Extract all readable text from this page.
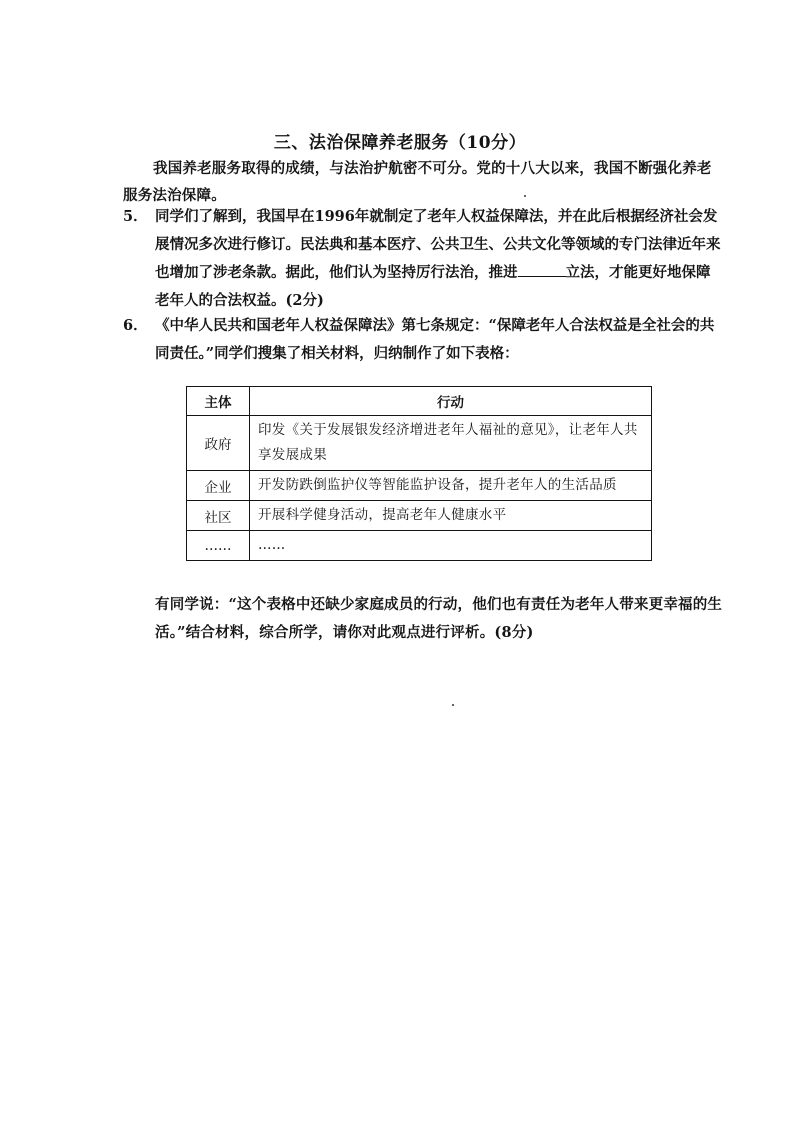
三、法治保障养老服务（10分）
我国养老服务取得的成绩，与法治护航密不可分。党的十八大以来，我国不断强化养老服务法治保障。
5． 同学们了解到，我国早在1996年就制定了老年人权益保障法，并在此后根据经济社会发展情况多次进行修订。民法典和基本医疗、公共卫生、公共文化等领域的专门法律近年来也增加了涉老条款。据此，他们认为坚持厉行法治，推进	立法，才能更好地保障老年人的合法权益。(2分)
6． 《中华人民共和国老年人权益保障法》第七条规定：“保障老年人合法权益是全社会的共同责任。”同学们搜集了相关材料，归纳制作了如下表格：
主体	行动
政府	印发《关于发展银发经济增进老年人福祉的意见》，让老年人共享发展成果
企业	开发防跌倒监护仪等智能监护设备，提升老年人的生活品质
社区	开展科学健身活动，提高老年人健康水平
……	……
有同学说：“这个表格中还缺少家庭成员的行动，他们也有责任为老年人带来更幸福的生活。”结合材料，综合所学，请你对此观点进行评析。(8分)
